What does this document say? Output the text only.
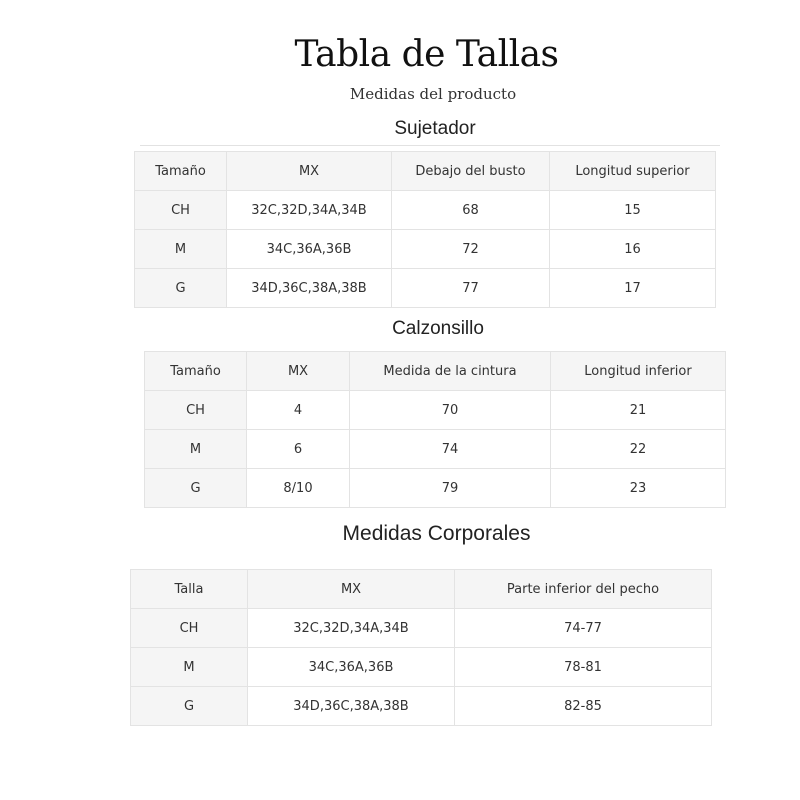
Tabla de Tallas
Medidas del producto
Sujetador
Tamaño	MX	Debajo del busto	Longitud superior
CH	32C,32D,34A,34B	68	15
M	34C,36A,36B	72	16
G	34D,36C,38A,38B	77	17
Calzonsillo
Tamaño	MX	Medida de la cintura	Longitud inferior
CH	4	70	21
M	6	74	22
G	8/10	79	23
Medidas Corporales
Talla	MX	Parte inferior del pecho
CH	32C,32D,34A,34B	74-77
M	34C,36A,36B	78-81
G	34D,36C,38A,38B	82-85
